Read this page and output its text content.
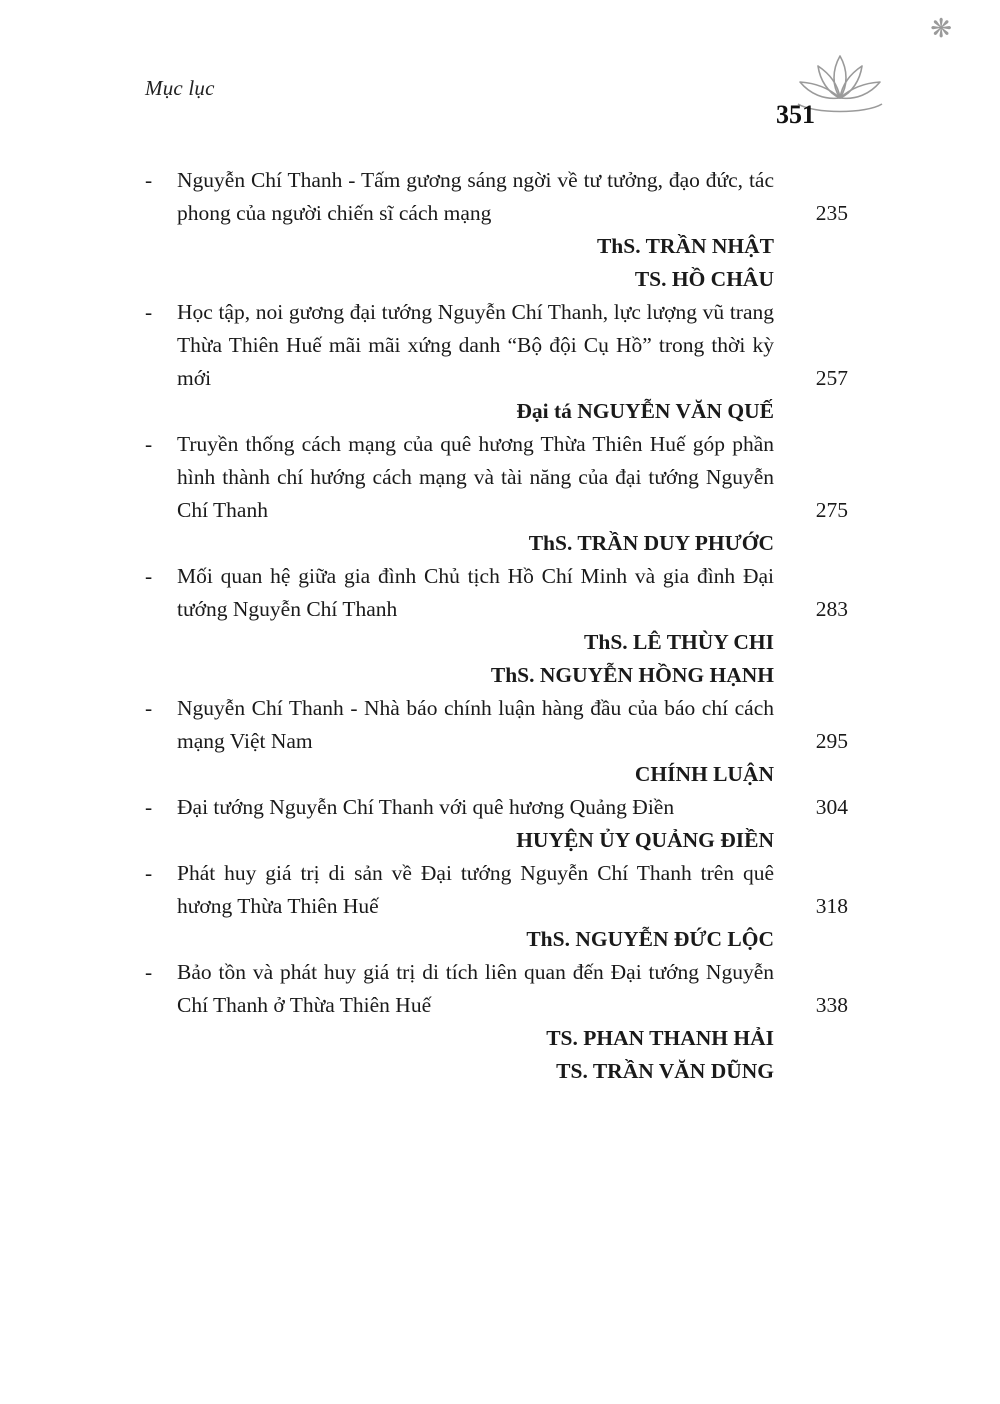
Mục lục
❋
351
-	Nguyễn Chí Thanh - Tấm gương sáng ngời về tư tưởng, đạo đức, tác phong của người chiến sĩ cách mạng	235
ThS. TRẦN NHẬT
TS. HỒ CHÂU
-	Học tập, noi gương đại tướng Nguyễn Chí Thanh, lực lượng vũ trang Thừa Thiên Huế mãi mãi xứng danh “Bộ đội Cụ Hồ” trong thời kỳ mới	257
Đại tá NGUYỄN VĂN QUẾ
-	Truyền thống cách mạng của quê hương Thừa Thiên Huế góp phần hình thành chí hướng cách mạng và tài năng của đại tướng Nguyễn Chí Thanh	275
ThS. TRẦN DUY PHƯỚC
-	Mối quan hệ giữa gia đình Chủ tịch Hồ Chí Minh và gia đình Đại tướng Nguyễn Chí Thanh	283
ThS. LÊ THÙY CHI
ThS. NGUYỄN HỒNG HẠNH
-	Nguyễn Chí Thanh - Nhà báo chính luận hàng đầu của báo chí cách mạng Việt Nam	295
CHÍNH LUẬN
-	Đại tướng Nguyễn Chí Thanh với quê hương Quảng Điền	304
HUYỆN ỦY QUẢNG ĐIỀN
-	Phát huy giá trị di sản về Đại tướng Nguyễn Chí Thanh trên quê hương Thừa Thiên Huế	318
ThS. NGUYỄN ĐỨC LỘC
-	Bảo tồn và phát huy giá trị di tích liên quan đến Đại tướng Nguyễn Chí Thanh ở Thừa Thiên Huế	338
TS. PHAN THANH HẢI
TS. TRẦN VĂN DŨNG
